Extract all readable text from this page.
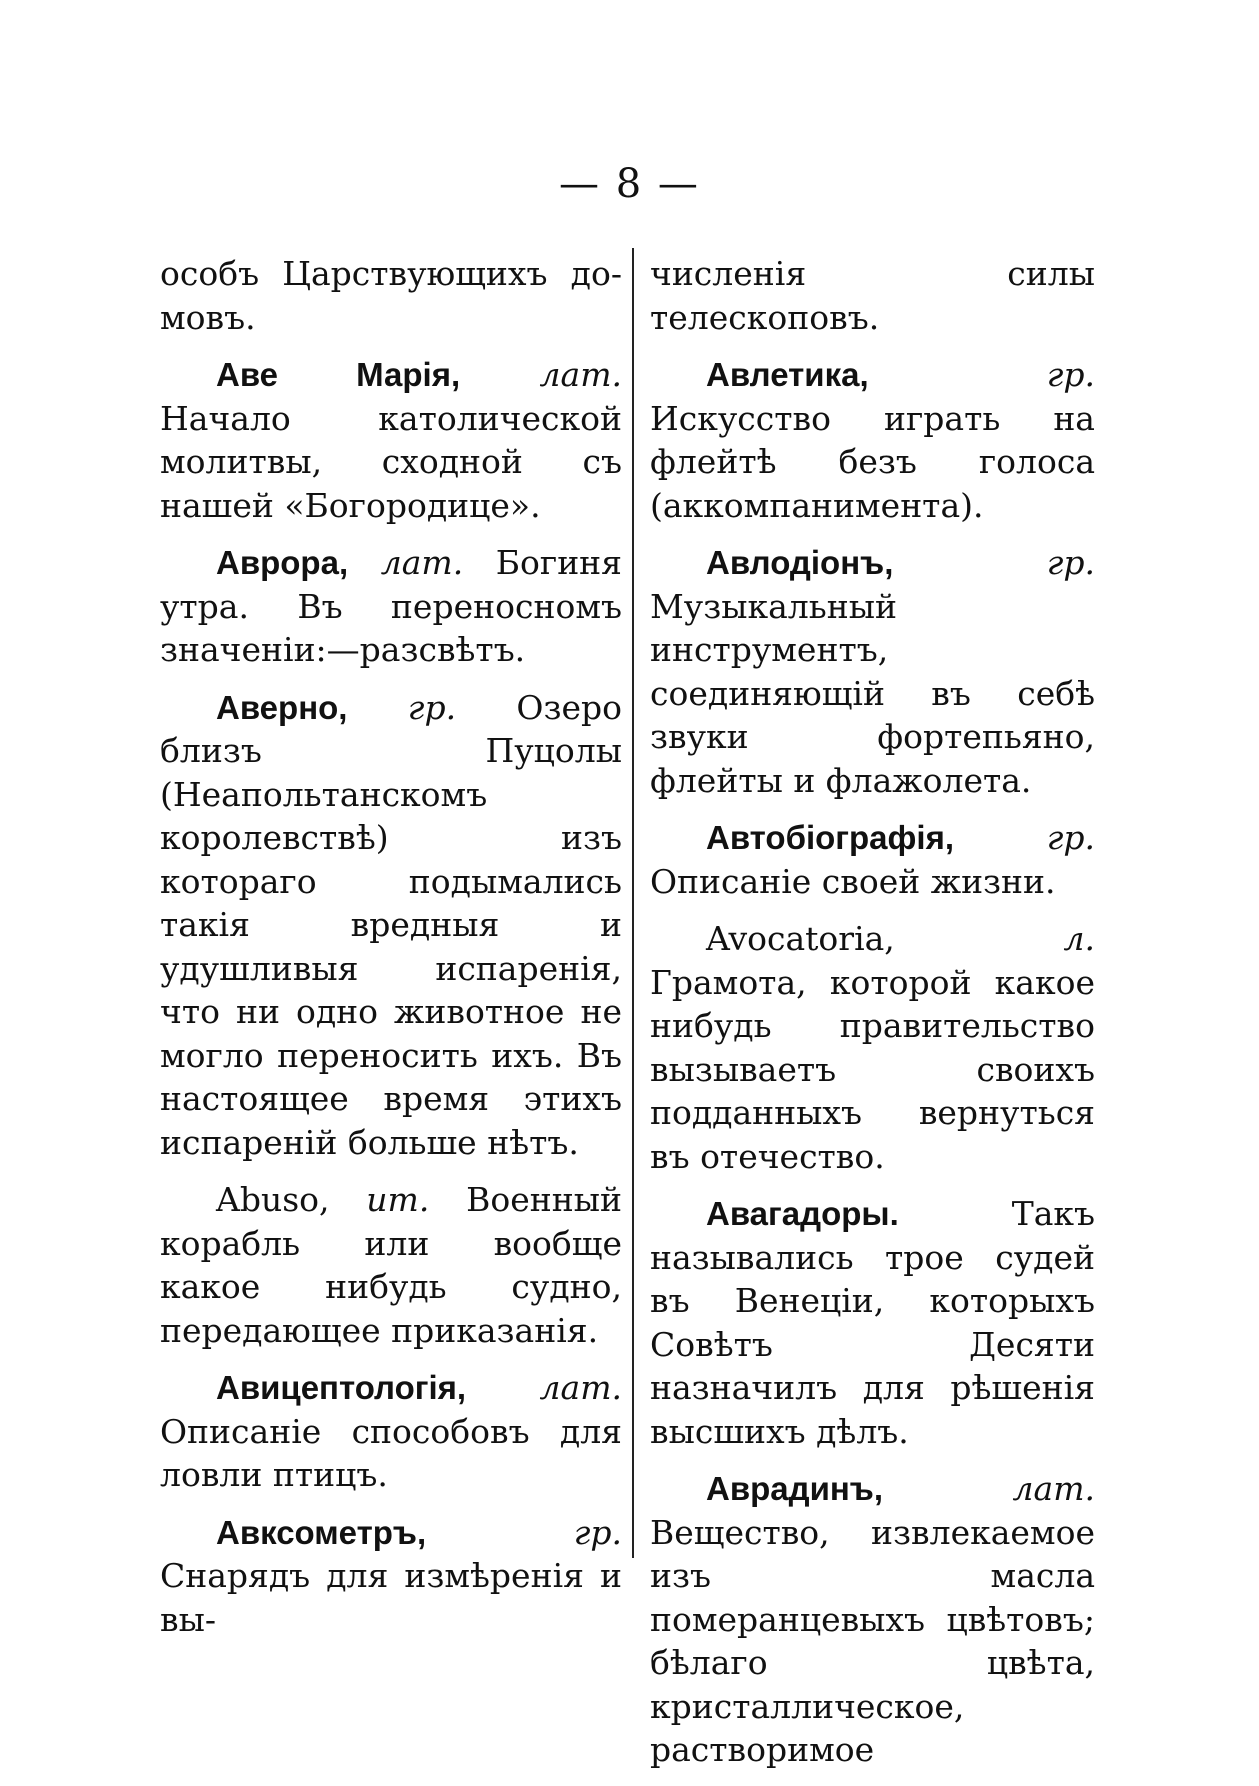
— 8 —

особъ Царствующихъ до-мовъ.

Аве Марія, лат. Начало католической молитвы, сходной съ нашей «Богородице».

Аврора, лат. Богиня утра. Въ переносномъ значеніи:—разсвѣтъ.

Аверно, гр. Озеро близъ Пуцолы (Неапольтанскомъ королевствѣ) изъ котораго подымались такія вредныя и удушливыя испаренія, что ни одно животное не могло переносить ихъ. Въ настоящее время этихъ испареній больше нѣтъ.

Abuso, ит. Военный корабль или вообще какое нибудь судно, передающее приказанія.

Авицептологія, лат. Описаніе способовъ для ловли птицъ.

Авксометръ,	гр. Снарядъ для измѣренія и вы-

численія силы телескоповъ.

Авлетика,	гр. Искусство играть на флейтѣ безъ голоса (аккомпанимента).

Авлодіонъ,	гр. Музыкальный инструментъ, соединяющій въ себѣ звуки фортепьяно, флейты и флажолета.

Автобіографія,	гр. Описаніе своей жизни.

Avocatoria,	л. Грамота, которой какое нибудь правительство вызываетъ своихъ подданныхъ вернуться въ отечество.

Авагадоры.	Такъ назывались трое судей въ Венеціи, которыхъ Совѣтъ Десяти назначилъ для рѣшенія высшихъ дѣлъ.

Аврадинъ,	лат. Вещество, извлекаемое изъ масла померанцевыхъ цвѣтовъ; бѣлаго цвѣта, кристаллическое, растворимое
